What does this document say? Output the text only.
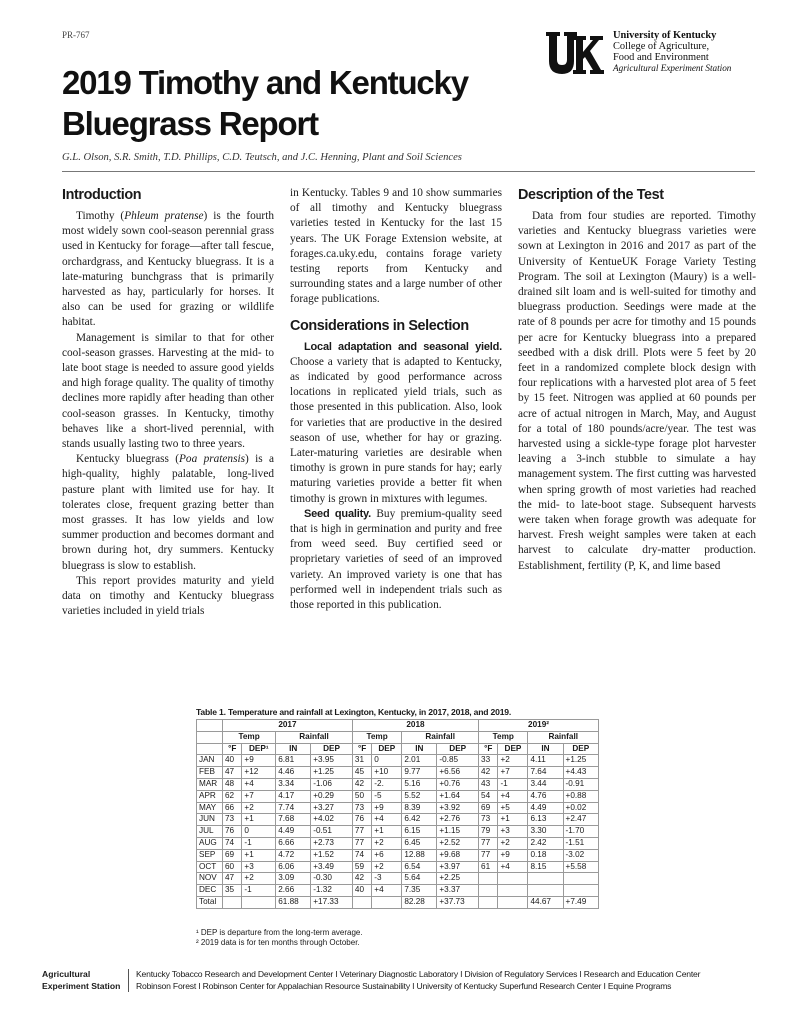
PR-767
2019 Timothy and Kentucky
Bluegrass Report
G.L. Olson, S.R. Smith, T.D. Phillips, C.D. Teutsch, and J.C. Henning, Plant and Soil Sciences
University of Kentucky
College of Agriculture,
Food and Environment
Agricultural Experiment Station
Introduction

Timothy (Phleum pratense) is the fourth most widely sown cool-season perennial grass used in Kentucky for forage—after tall fescue, orchardgrass, and Kentucky bluegrass. It is a late-maturing bunchgrass that is primarily harvested as hay, particularly for horses. It also can be used for grazing or wildlife habitat.

Management is similar to that for other cool-season grasses. Harvesting at the mid- to late boot stage is needed to assure good yields and high forage quality. The quality of timothy declines more rapidly after heading than other cool-season grasses. In Kentucky, timothy behaves like a short-lived perennial, with stands usually lasting two to three years.

Kentucky bluegrass (Poa pratensis) is a high-quality, highly palatable, long-lived pasture plant with limited use for hay. It tolerates close, frequent grazing better than most grasses. It has low yields and low summer production and becomes dormant and brown during hot, dry summers. Kentucky bluegrass is slow to establish.

This report provides maturity and yield data on timothy and Kentucky bluegrass varieties included in yield trials

in Kentucky. Tables 9 and 10 show summaries of all timothy and Kentucky bluegrass varieties tested in Kentucky for the last 15 years. The UK Forage Extension website, at forages.ca.uky.edu, contains forage variety testing reports from Kentucky and surrounding states and a large number of other forage publications.
Considerations in Selection

Local adaptation and seasonal yield. Choose a variety that is adapted to Kentucky, as indicated by good performance across locations in replicated yield trials, such as those presented in this publication. Also, look for varieties that are productive in the desired season of use, whether for hay or grazing. Later-maturing varieties are desirable when timothy is grown in pure stands for hay; early maturing varieties provide a better fit when timothy is grown in mixtures with legumes.

Seed quality. Buy premium-quality seed that is high in germination and purity and free from weed seed. Buy certified seed or proprietary varieties of seed of an improved variety. An improved variety is one that has performed well in independent trials such as those reported in this publication.

Description of the Test

Data from four studies are reported. Timothy varieties and Kentucky bluegrass varieties were sown at Lexington in 2016 and 2017 as part of the University of KentueUK Forage Variety Testing Program. The soil at Lexington (Maury) is a well-drained silt loam and is well-suited for timothy and bluegrass production. Seedings were made at the rate of 8 pounds per acre for timothy and 15 pounds per acre for Kentucky bluegrass into a prepared seedbed with a disk drill. Plots were 5 feet by 20 feet in a randomized complete block design with four replications with a harvested plot area of 5 feet by 15 feet. Nitrogen was applied at 60 pounds per acre of actual nitrogen in March, May, and August for a total of 180 pounds/acre/year. The test was harvested using a sickle-type forage plot harvester leaving a 3-inch stubble to simulate a hay management system. The first cutting was harvested when spring growth of most varieties had reached the mid- to late-boot stage. Subsequent harvests were taken when forage growth was adequate for harvest. Fresh weight samples were taken at each harvest to calculate dry-matter production. Establishment, fertility (P, K, and lime based

Table 1. Temperature and rainfall at Lexington, Kentucky, in 2017, 2018, and 2019.
	2017				2018				2019²			
	Temp		Rainfall		Temp		Rainfall		Temp		Rainfall	
	°F	DEP¹	IN	DEP	°F	DEP	IN	DEP	°F	DEP	IN	DEP
JAN	40	+9	6.81	+3.95	31	0	2.01	-0.85	33	+2	4.11	+1.25
FEB	47	+12	4.46	+1.25	45	+10	9.77	+6.56	42	+7	7.64	+4.43
MAR	48	+4	3.34	-1.06	42	-2.	5.16	+0.76	43	-1	3.44	-0.91
APR	62	+7	4.17	+0.29	50	-5	5.52	+1.64	54	+4	4.76	+0.88
MAY	66	+2	7.74	+3.27	73	+9	8.39	+3.92	69	+5	4.49	+0.02
JUN	73	+1	7.68	+4.02	76	+4	6.42	+2.76	73	+1	6.13	+2.47
JUL	76	0	4.49	-0.51	77	+1	6.15	+1.15	79	+3	3.30	-1.70
AUG	74	-1	6.66	+2.73	77	+2	6.45	+2.52	77	+2	2.42	-1.51
SEP	69	+1	4.72	+1.52	74	+6	12.88	+9.68	77	+9	0.18	-3.02
OCT	60	+3	6.06	+3.49	59	+2	6.54	+3.97	61	+4	8.15	+5.58
NOV	47	+2	3.09	-0.30	42	-3	5.64	+2.25				
DEC	35	-1	2.66	-1.32	40	+4	7.35	+3.37				
Total			61.88	+17.33			82.28	+37.73			44.67	+7.49
¹ DEP is departure from the long-term average.
² 2019 data is for ten months through October.
Agricultural
Experiment Station
Kentucky Tobacco Research and Development Center I Veterinary Diagnostic Laboratory I Division of Regulatory Services I Research and Education Center
Robinson Forest I Robinson Center for Appalachian Resource Sustainability I University of Kentucky Superfund Research Center I Equine Programs
